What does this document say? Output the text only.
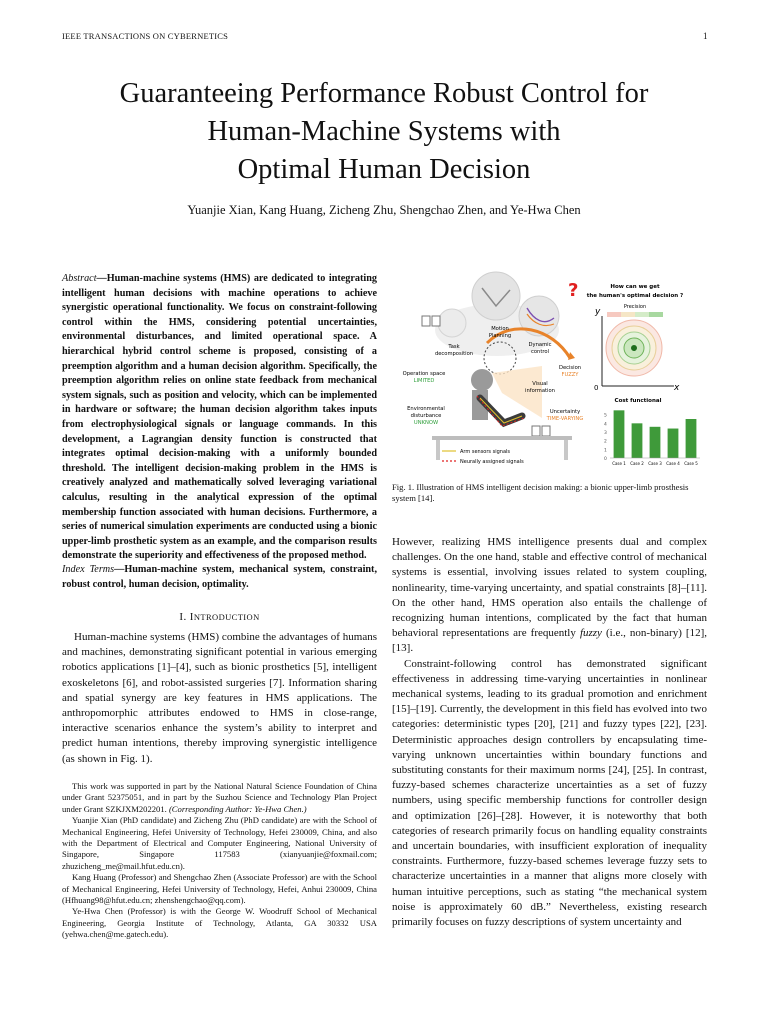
IEEE TRANSACTIONS ON CYBERNETICS	1
Guaranteeing Performance Robust Control for
Human-Machine Systems with
Optimal Human Decision
Yuanjie Xian, Kang Huang, Zicheng Zhu, Shengchao Zhen, and Ye-Hwa Chen

Abstract—Human-machine systems (HMS) are dedicated to integrating intelligent human decisions with machine operations to achieve synergistic operational functionality. We focus on constraint-following control within the HMS, considering potential uncertainties, environmental disturbances, and limited operational space. A hierarchical hybrid control scheme is proposed, consisting of a preemption algorithm and a human decision algorithm. Specifically, the preemption algorithm relies on online state feedback from mechanical system signals, such as position and velocity, which can be implemented in hardware or software; the human decision algorithm takes inputs from electrophysiological signals or language commands. In this development, a Lagrangian density function is constructed that integrates optimal decision-making with a uniformly bounded threshold. The intelligent decision-making problem in the HMS is creatively analyzed and mathematically solved leveraging variational calculus, resulting in the analytical expression of the optimal membership function associated with human decisions. Furthermore, a series of numerical simulation experiments are conducted using a bionic upper-limb prosthetic system as an example, and the comparison results demonstrate the superiority and effectiveness of the proposed method.

Index Terms—Human-machine system, mechanical system, constraint, robust control, human decision, optimality.

I. INTRODUCTION

Human-machine systems (HMS) combine the advantages of humans and machines, demonstrating significant potential in various emerging robotics applications [1]–[4], such as bionic prosthetics [5], intelligent exoskeletons [6], and robot-assisted surgeries [7]. Information sharing and spatial synergy are key features in HMS applications. The anthropomorphic attributes endowed to HMS in close-range, interactive scenarios enhance the system’s ability to interpret and predict human intentions, thereby improving synergistic intelligence (as shown in Fig. 1).

This work was supported in part by the National Natural Science Foundation of China under Grant 52375051, and in part by the Suzhou Science and Technology Plan Project under Grant SZKJXM202201. (Corresponding Author: Ye-Hwa Chen.)

Yuanjie Xian (PhD candidate) and Zicheng Zhu (PhD candidate) are with the School of Mechanical Engineering, Hefei University of Technology, Hefei 230009, China, and also with the Department of Electrical and Computer Engineering, National University of Singapore, Singapore 117583 (xianyuanjie@foxmail.com; zhuzicheng_me@mail.hfut.edu.cn).

Kang Huang (Professor) and Shengchao Zhen (Associate Professor) are with the School of Mechanical Engineering, Hefei University of Technology, Hefei, Anhui 230009, China (Hfhuang98@hfut.edu.cn; zhenshengchao@qq.com).

Ye-Hwa Chen (Professor) is with the George W. Woodruff School of Mechanical Engineering, Georgia Institute of Technology, Atlanta, GA 30332 USA (yehwa.chen@me.gatech.edu).

Motion
Planning
Task
decomposition
Dynamic
control
Operation space
LIMITED	Visual
information
Environmental
disturbance
UNKNOW
Decision
FUZZY
Uncertainty
TIME-VARYING
Arm sensors signals
Neurally assigned signals
?	How can we get
the human's optimal decision ?
Precision
y
0	x
Cost functional
5
4
3
2
1
0
Case 1 Case 2 Case 3 Case 4 Case 5
Fig. 1. Illustration of HMS intelligent decision making: a bionic upper-limb prosthesis system [14].

However, realizing HMS intelligence presents dual and complex challenges. On the one hand, stable and effective control of mechanical systems is essential, involving issues related to system coupling, nonlinearity, time-varying uncertainty, and spatial constraints [8]–[11]. On the other hand, HMS operation also entails the challenge of recognizing human intentions, complicated by the fact that human behavioral representations are frequently fuzzy (i.e., non-binary) [12], [13].

Constraint-following control has demonstrated significant effectiveness in addressing time-varying uncertainties in nonlinear mechanical systems, leading to its gradual promotion and enrichment [15]–[19]. Currently, the development in this field has evolved into two categories: deterministic types [20], [21] and fuzzy types [22], [23]. Deterministic approaches design controllers by encapsulating time-varying unknown uncertainties within boundary functions and substituting constants for their maximum norms [24], [25]. In contrast, fuzzy-based schemes characterize uncertainties as a set of fuzzy numbers, using specific membership functions for controller design and optimization [26]–[28]. However, it is noteworthy that both categories of research primarily focus on handling equality constraints and uncertain boundaries, with insufficient exploration of inequality constraints. Furthermore, fuzzy-based schemes leverage fuzzy sets to characterize uncertainties in a manner that aligns more closely with human intuitive perceptions, such as stating “the mechanical system noise is approximately 60 dB.” Nevertheless, existing research primarily focuses on fuzzy descriptions of system uncertainty and
